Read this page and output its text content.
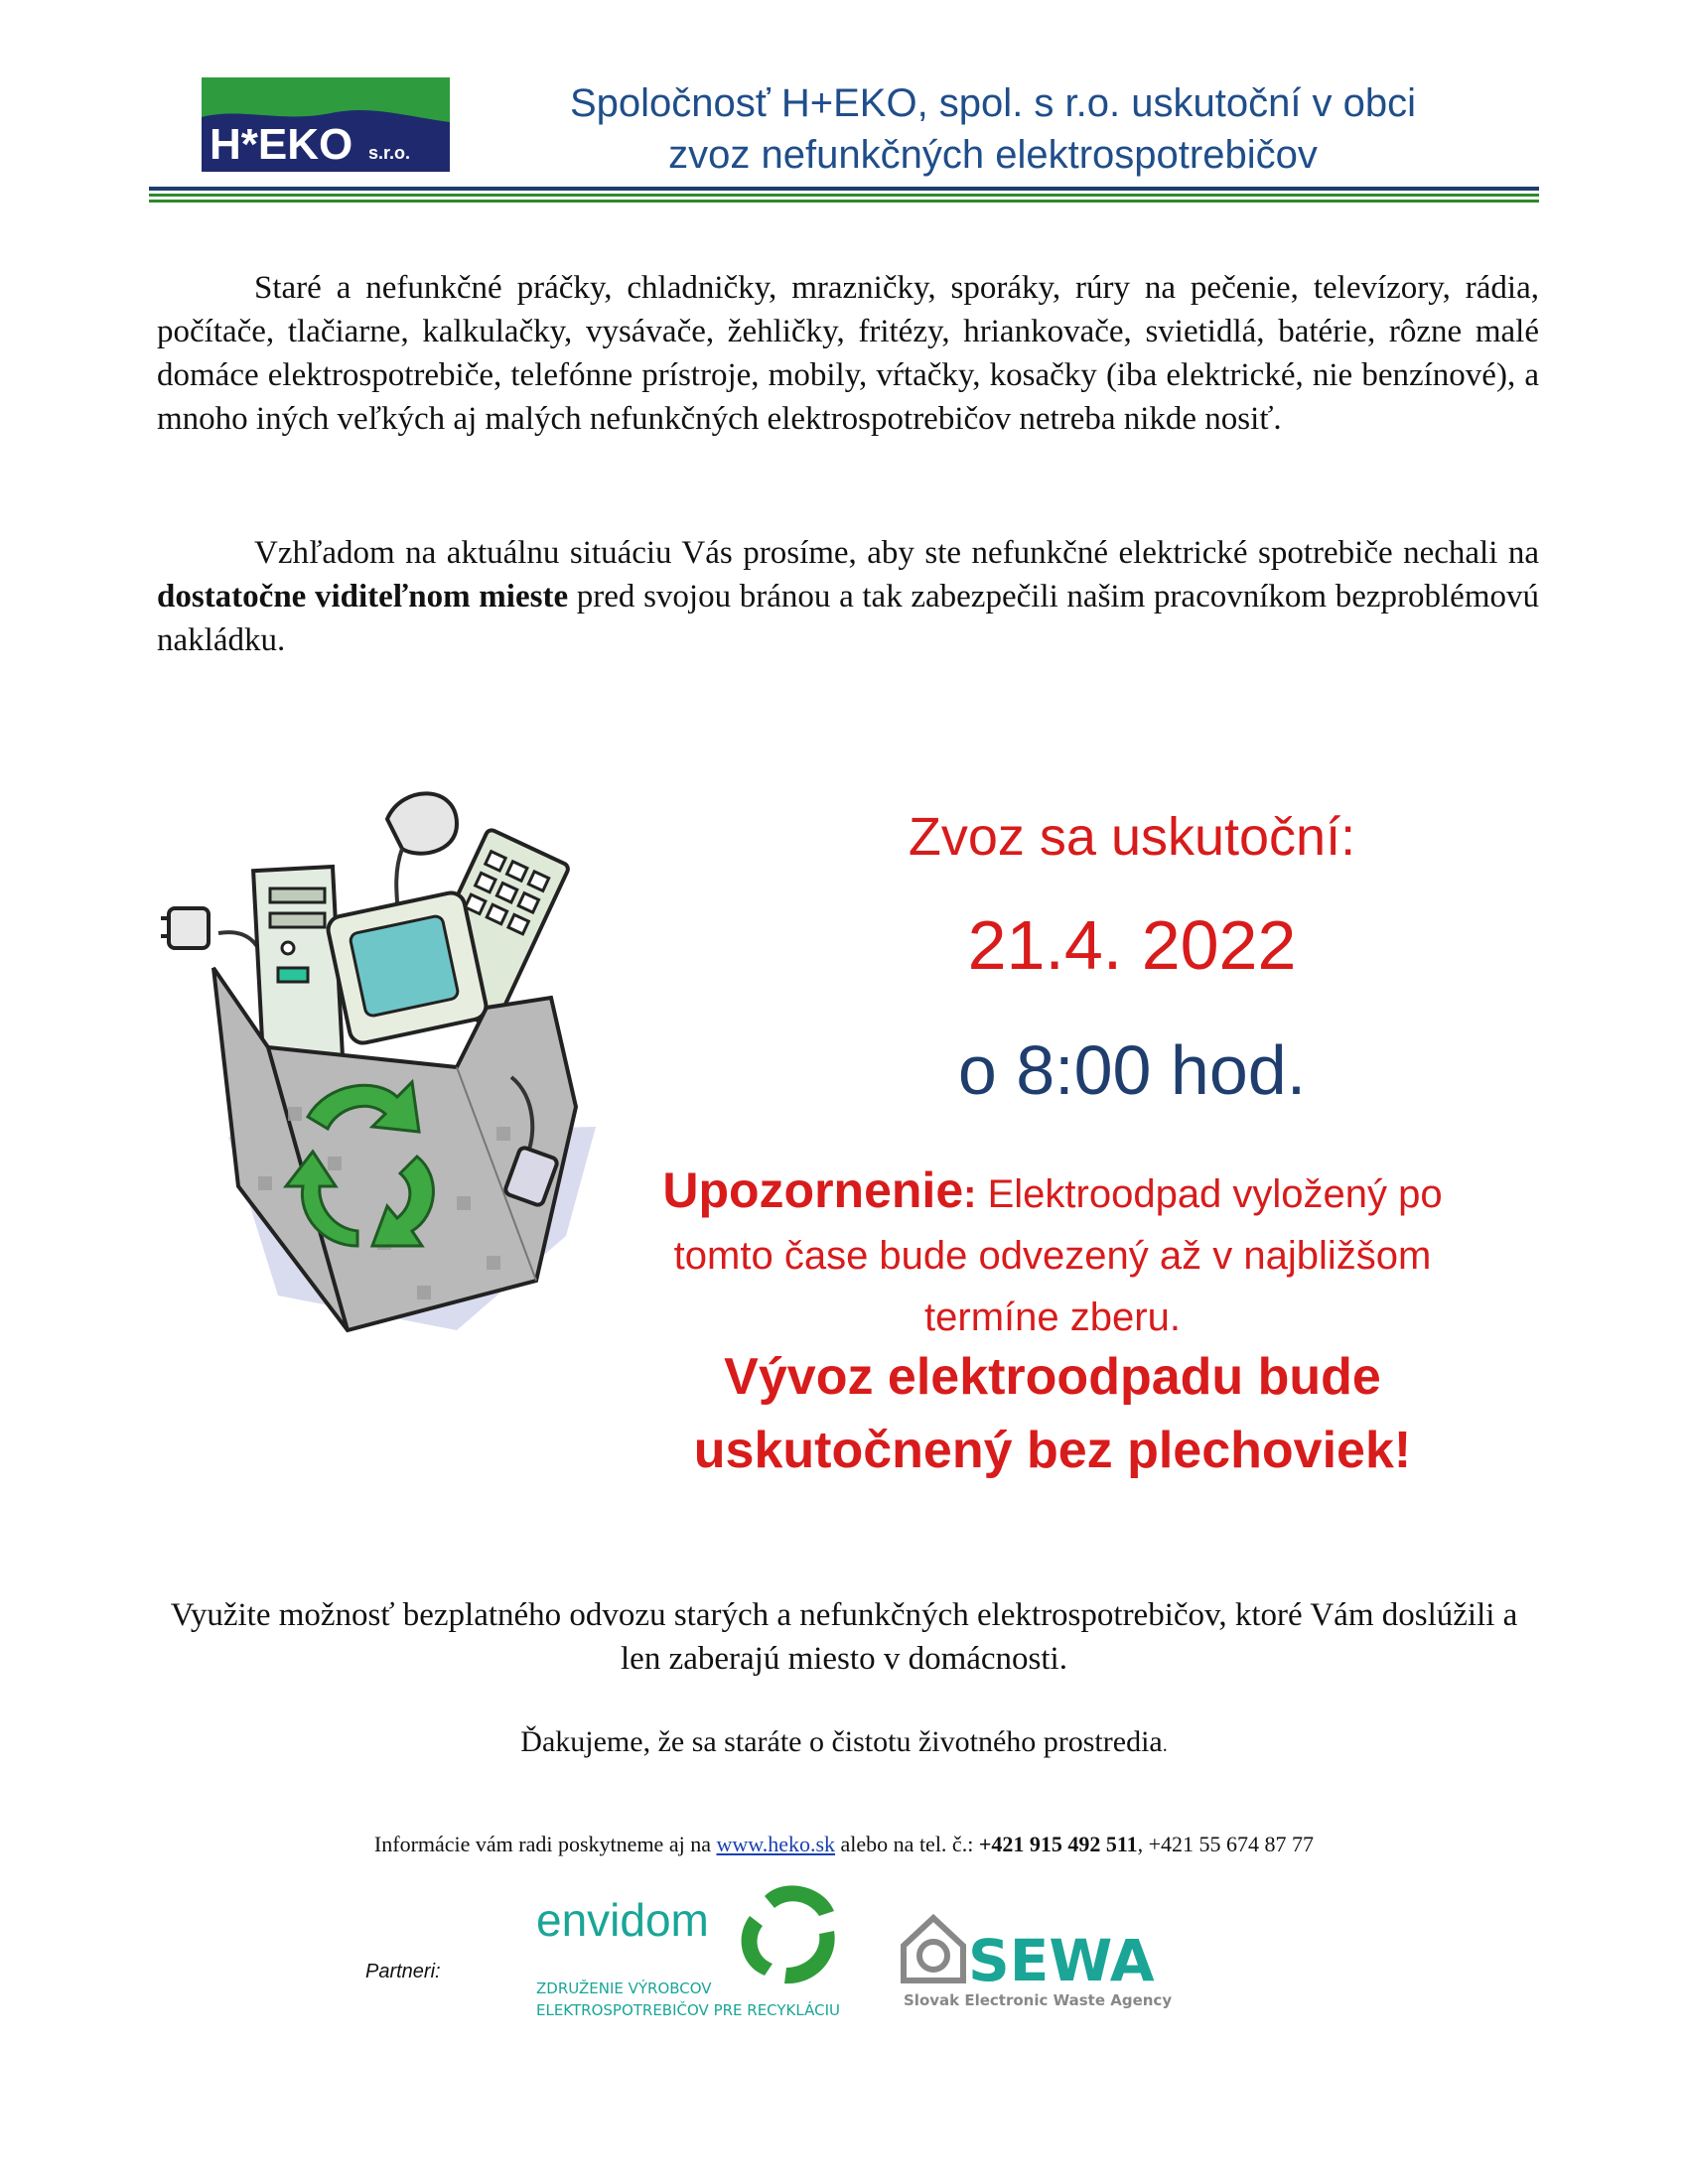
H*EKO s.r.o.
Spoločnosť H+EKO, spol. s r.o. uskutoční v obci
zvoz nefunkčných elektrospotrebičov
Staré a nefunkčné práčky, chladničky, mrazničky, sporáky, rúry na pečenie, televízory, rádia, počítače, tlačiarne, kalkulačky, vysávače, žehličky, fritézy, hriankovače, svietidlá, batérie, rôzne malé domáce elektrospotrebiče, telefónne prístroje, mobily, vŕtačky, kosačky (iba elektrické, nie benzínové), a mnoho iných veľkých aj malých nefunkčných elektrospotrebičov netreba nikde nosiť.
Vzhľadom na aktuálnu situáciu Vás prosíme, aby ste nefunkčné elektrické spotrebiče nechali na dostatočne viditeľnom mieste pred svojou bránou a tak zabezpečili našim pracovníkom bezproblémovú nakládku.
Zvoz sa uskutoční:
21.4. 2022
o 8:00 hod.
Upozornenie: Elektroodpad vyložený po tomto čase bude odvezený až v najbližšom termíne zberu.
Vývoz elektroodpadu bude uskutočnený bez plechoviek!
Využite možnosť bezplatného odvozu starých a nefunkčných elektrospotrebičov, ktoré Vám doslúžili a len zaberajú miesto v domácnosti.
Ďakujeme, že sa staráte o čistotu životného prostredia.
Informácie vám radi poskytneme aj na www.heko.sk alebo na tel. č.: +421 915 492 511, +421 55 674 87 77
Partneri:
envidom
ZDRUŽENIE VÝROBCOV
ELEKTROSPOTREBIČOV PRE RECYKLÁCIU
SEWA
Slovak Electronic Waste Agency
